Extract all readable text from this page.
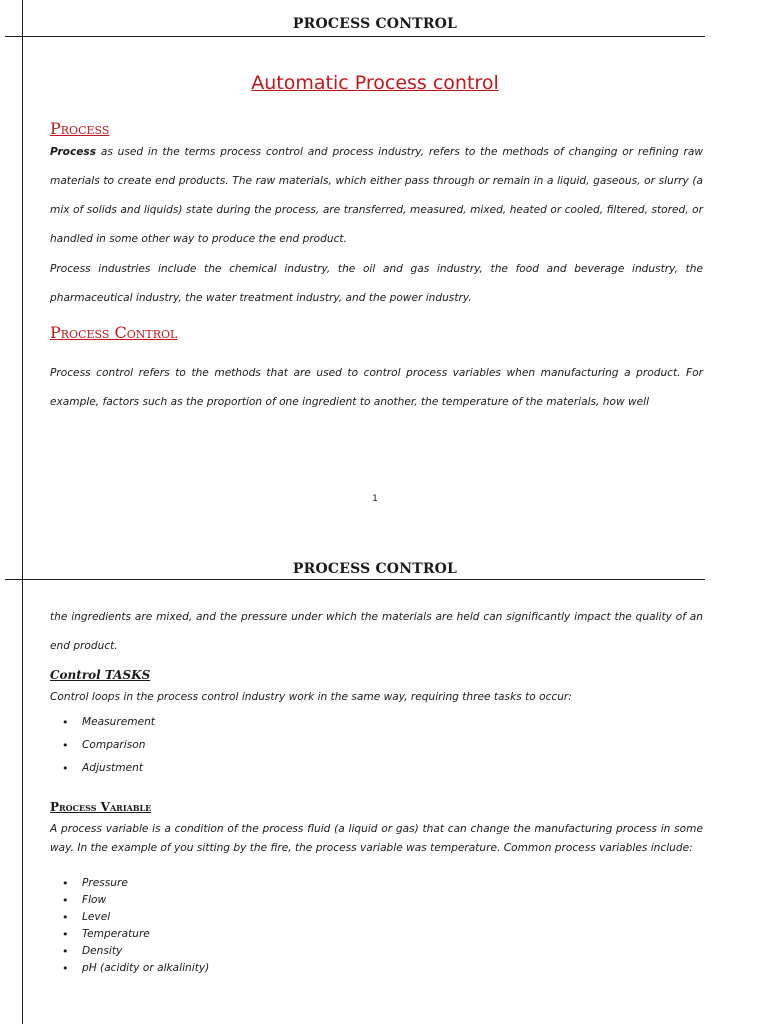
PROCESS CONTROL
Automatic Process control
Process
Process as used in the terms process control and process industry, refers to the methods of changing or refining raw materials to create end products. The raw materials, which either pass through or remain in a liquid, gaseous, or slurry (a mix of solids and liquids) state during the process, are transferred, measured, mixed, heated or cooled, filtered, stored, or handled in some other way to produce the end product.
Process industries include the chemical industry, the oil and gas industry, the food and beverage industry, the pharmaceutical industry, the water treatment industry, and the power industry.
Process Control
Process control refers to the methods that are used to control process variables when manufacturing a product. For example, factors such as the proportion of one ingredient to another, the temperature of the materials, how well
1
PROCESS CONTROL
the ingredients are mixed, and the pressure under which the materials are held can significantly impact the quality of an end product.
Control TASKS
Control loops in the process control industry work in the same way, requiring three tasks to occur:
• Measurement
• Comparison
• Adjustment
Process Variable
A process variable is a condition of the process fluid (a liquid or gas) that can change the manufacturing process in some way. In the example of you sitting by the fire, the process variable was temperature. Common process variables include:
• Pressure
• Flow
• Level
• Temperature
• Density
• pH (acidity or alkalinity)
